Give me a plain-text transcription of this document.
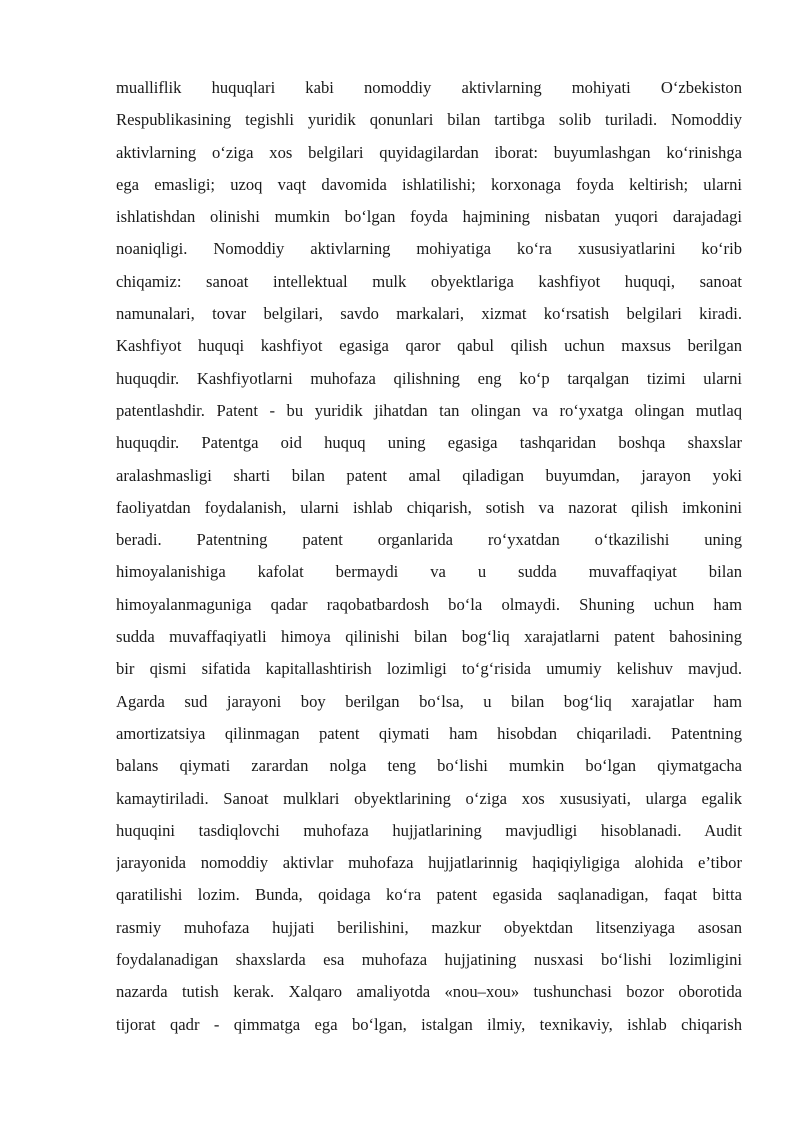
mualliflik huquqlari kabi nomoddiy aktivlarning mohiyati O‘zbekiston
Respublikasining tegishli yuridik qonunlari bilan tartibga solib turiladi. Nomoddiy
aktivlarning o‘ziga xos belgilari quyidagilardan iborat: buyumlashgan ko‘rinishga
ega emasligi; uzoq vaqt davomida ishlatilishi; korxonaga foyda keltirish; ularni
ishlatishdan olinishi mumkin bo‘lgan foyda hajmining nisbatan yuqori darajadagi
noaniqligi. Nomoddiy aktivlarning mohiyatiga ko‘ra xususiyatlarini ko‘rib
chiqamiz: sanoat intellektual mulk obyektlariga kashfiyot huquqi, sanoat
namunalari, tovar belgilari, savdo markalari, xizmat ko‘rsatish belgilari kiradi.
Kashfiyot huquqi kashfiyot egasiga qaror qabul qilish uchun maxsus berilgan
huquqdir. Kashfiyotlarni muhofaza qilishning eng ko‘p tarqalgan tizimi ularni
patentlashdir. Patent - bu yuridik jihatdan tan olingan va ro‘yxatga olingan mutlaq
huquqdir. Patentga oid huquq uning egasiga tashqaridan boshqa shaxslar
aralashmasligi sharti bilan patent amal qiladigan buyumdan, jarayon yoki
faoliyatdan foydalanish, ularni ishlab chiqarish, sotish va nazorat qilish imkonini
beradi. Patentning patent organlarida ro‘yxatdan o‘tkazilishi uning
himoyalanishiga kafolat bermaydi va u sudda muvaffaqiyat bilan
himoyalanmaguniga qadar raqobatbardosh bo‘la olmaydi. Shuning uchun ham
sudda muvaffaqiyatli himoya qilinishi bilan bog‘liq xarajatlarni patent bahosining
bir qismi sifatida kapitallashtirish lozimligi to‘g‘risida umumiy kelishuv mavjud.
Agarda sud jarayoni boy berilgan bo‘lsa, u bilan bog‘liq xarajatlar ham
amortizatsiya qilinmagan patent qiymati ham hisobdan chiqariladi. Patentning
balans qiymati zarardan nolga teng bo‘lishi mumkin bo‘lgan qiymatgacha
kamaytiriladi. Sanoat mulklari obyektlarining o‘ziga xos xususiyati, ularga egalik
huquqini tasdiqlovchi muhofaza hujjatlarining mavjudligi hisoblanadi. Audit
jarayonida nomoddiy aktivlar muhofaza hujjatlarinnig haqiqiyligiga alohida e’tibor
qaratilishi lozim. Bunda, qoidaga ko‘ra patent egasida saqlanadigan, faqat bitta
rasmiy muhofaza hujjati berilishini, mazkur obyektdan litsenziyaga asosan
foydalanadigan shaxslarda esa muhofaza hujjatining nusxasi bo‘lishi lozimligini
nazarda tutish kerak. Xalqaro amaliyotda «nou–xou» tushunchasi bozor oborotida
tijorat qadr - qimmatga ega bo‘lgan, istalgan ilmiy, texnikaviy, ishlab chiqarish
